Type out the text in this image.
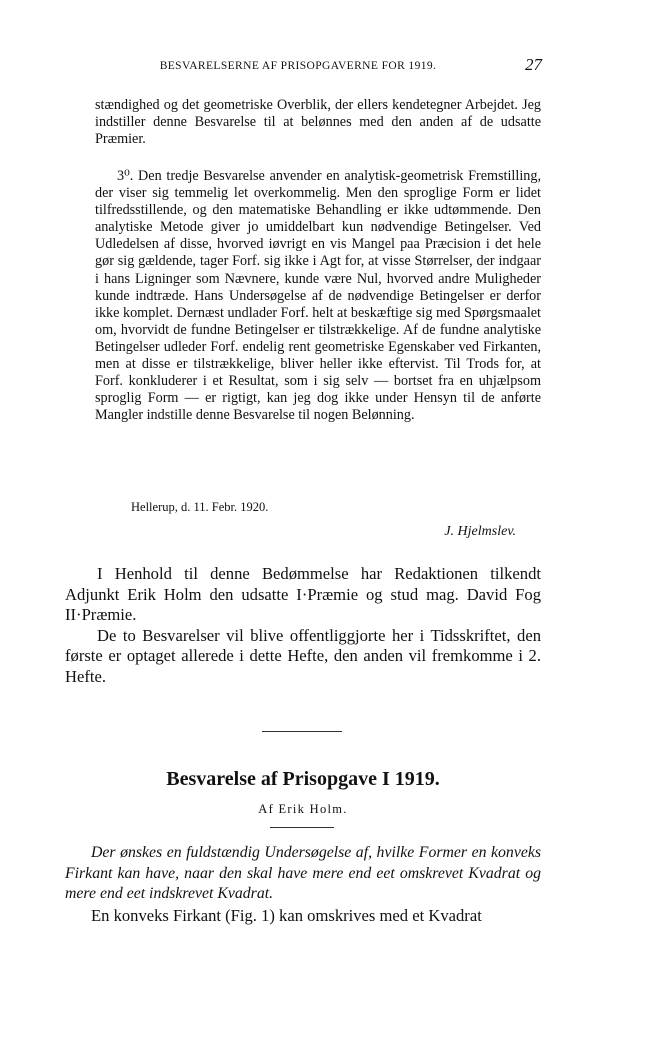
BESVARELSERNE AF PRISOPGAVERNE FOR 1919.	27

stændighed og det geometriske Overblik, der ellers kendetegner Arbejdet. Jeg indstiller denne Besvarelse til at belønnes med den anden af de udsatte Præmier.

3⁰. Den tredje Besvarelse anvender en analytisk-geometrisk Fremstilling, der viser sig temmelig let overkommelig. Men den sproglige Form er lidet tilfredsstillende, og den matematiske Behandling er ikke udtømmende. Den analytiske Metode giver jo umiddelbart kun nødvendige Betingelser. Ved Udledelsen af disse, hvorved iøvrigt en vis Mangel paa Præcision i det hele gør sig gældende, tager Forf. sig ikke i Agt for, at visse Størrelser, der indgaar i hans Ligninger som Nævnere, kunde være Nul, hvorved andre Muligheder kunde indtræde. Hans Undersøgelse af de nødvendige Betingelser er derfor ikke komplet. Dernæst undlader Forf. helt at beskæftige sig med Spørgsmaalet om, hvorvidt de fundne Betingelser er tilstrækkelige. Af de fundne analytiske Betingelser udleder Forf. endelig rent geometriske Egenskaber ved Firkanten, men at disse er tilstrækkelige, bliver heller ikke eftervist. Til Trods for, at Forf. konkluderer i et Resultat, som i sig selv — bortset fra en uhjælpsom sproglig Form — er rigtigt, kan jeg dog ikke under Hensyn til de anførte Mangler indstille denne Besvarelse til nogen Belønning.

Hellerup, d. 11. Febr. 1920.
J. Hjelmslev.

I Henhold til denne Bedømmelse har Redaktionen tilkendt Adjunkt Erik Holm den udsatte I·Præmie og stud mag. David Fog II·Præmie.

De to Besvarelser vil blive offentliggjorte her i Tidsskriftet, den første er optaget allerede i dette Hefte, den anden vil fremkomme i 2. Hefte.

Besvarelse af Prisopgave I 1919.
Af Erik Holm.

Der ønskes en fuldstændig Undersøgelse af, hvilke Former en konveks Firkant kan have, naar den skal have mere end eet omskrevet Kvadrat og mere end eet indskrevet Kvadrat.

En konveks Firkant (Fig. 1) kan omskrives med et Kvadrat
